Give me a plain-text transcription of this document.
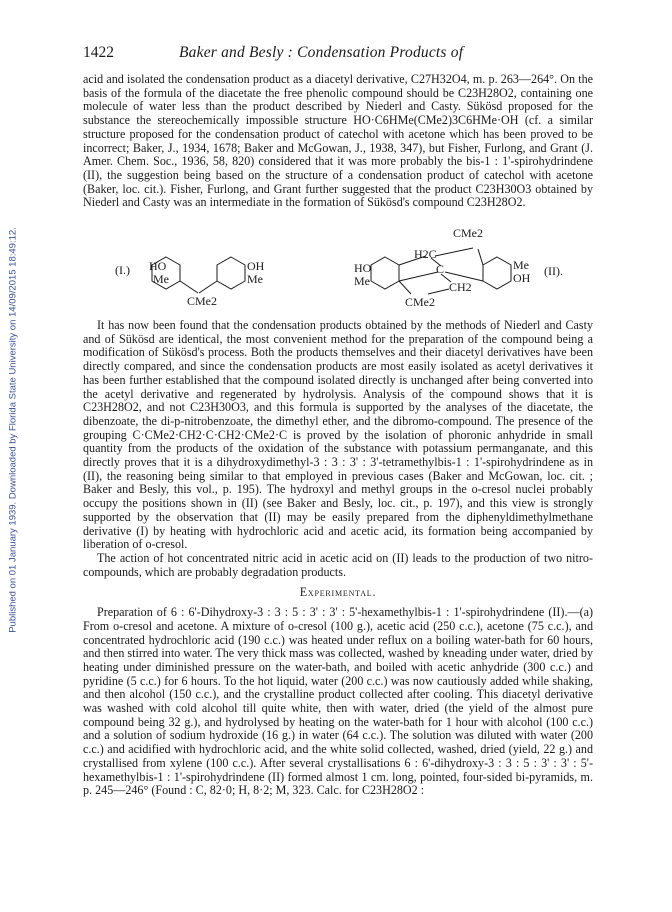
Published on 01 January 1939. Downloaded by Florida State University on 14/09/2015 18:49:12.
1422	Baker and Besly : Condensation Products of

acid and isolated the condensation product as a diacetyl derivative, C27H32O4, m. p. 263—264°. On the basis of the formula of the diacetate the free phenolic compound should be C23H28O2, containing one molecule of water less than the product described by Niederl and Casty. Sükösd proposed for the substance the stereochemically impossible structure HO·C6HMe(CMe2)3C6HMe·OH (cf. a similar structure proposed for the condensation product of catechol with acetone which has been proved to be incorrect; Baker, J., 1934, 1678; Baker and McGowan, J., 1938, 347), but Fisher, Furlong, and Grant (J. Amer. Chem. Soc., 1936, 58, 820) considered that it was more probably the bis-1 : 1'-spirohydrindene (II), the suggestion being based on the structure of a condensation product of catechol with acetone (Baker, loc. cit.). Fisher, Furlong, and Grant further suggested that the product C23H30O3 obtained by Niederl and Casty was an intermediate in the formation of Sükösd's compound C23H28O2.

(I.) HO
Me
OH
Me
CMe2
CMe2
H2C
C	Me
OH (II).
HO
Me	CH2
CMe2

It has now been found that the condensation products obtained by the methods of Niederl and Casty and of Sükösd are identical, the most convenient method for the preparation of the compound being a modification of Sükösd's process. Both the products themselves and their diacetyl derivatives have been directly compared, and since the condensation products are most easily isolated as acetyl derivatives it has been further established that the compound isolated directly is unchanged after being converted into the acetyl derivative and regenerated by hydrolysis. Analysis of the compound shows that it is C23H28O2, and not C23H30O3, and this formula is supported by the analyses of the diacetate, the dibenzoate, the di-p-nitrobenzoate, the dimethyl ether, and the dibromo-compound. The presence of the grouping C·CMe2·CH2·C·CH2·CMe2·C is proved by the isolation of phoronic anhydride in small quantity from the products of the oxidation of the substance with potassium permanganate, and this directly proves that it is a dihydroxydimethyl-3 : 3 : 3' : 3'-tetramethylbis-1 : 1'-spirohydrindene as in (II), the reasoning being similar to that employed in previous cases (Baker and McGowan, loc. cit. ; Baker and Besly, this vol., p. 195). The hydroxyl and methyl groups in the o-cresol nuclei probably occupy the positions shown in (II) (see Baker and Besly, loc. cit., p. 197), and this view is strongly supported by the observation that (II) may be easily prepared from the diphenyldimethylmethane derivative (I) by heating with hydrochloric acid and acetic acid, its formation being accompanied by liberation of o-cresol.

The action of hot concentrated nitric acid in acetic acid on (II) leads to the production of two nitro-compounds, which are probably degradation products.

Experimental.

Preparation of 6 : 6'-Dihydroxy-3 : 3 : 5 : 3' : 3' : 5'-hexamethylbis-1 : 1'-spirohydrindene (II).—(a) From o-cresol and acetone. A mixture of o-cresol (100 g.), acetic acid (250 c.c.), acetone (75 c.c.), and concentrated hydrochloric acid (190 c.c.) was heated under reflux on a boiling water-bath for 60 hours, and then stirred into water. The very thick mass was collected, washed by kneading under water, dried by heating under diminished pressure on the water-bath, and boiled with acetic anhydride (300 c.c.) and pyridine (5 c.c.) for 6 hours. To the hot liquid, water (200 c.c.) was now cautiously added while shaking, and then alcohol (150 c.c.), and the crystalline product collected after cooling. This diacetyl derivative was washed with cold alcohol till quite white, then with water, dried (the yield of the almost pure compound being 32 g.), and hydrolysed by heating on the water-bath for 1 hour with alcohol (100 c.c.) and a solution of sodium hydroxide (16 g.) in water (64 c.c.). The solution was diluted with water (200 c.c.) and acidified with hydrochloric acid, and the white solid collected, washed, dried (yield, 22 g.) and crystallised from xylene (100 c.c.). After several crystallisations 6 : 6'-dihydroxy-3 : 3 : 5 : 3' : 3' : 5'-hexamethylbis-1 : 1'-spirohydrindene (II) formed almost 1 cm. long, pointed, four-sided bi-pyramids, m. p. 245—246° (Found : C, 82·0; H, 8·2; M, 323. Calc. for C23H28O2 :
